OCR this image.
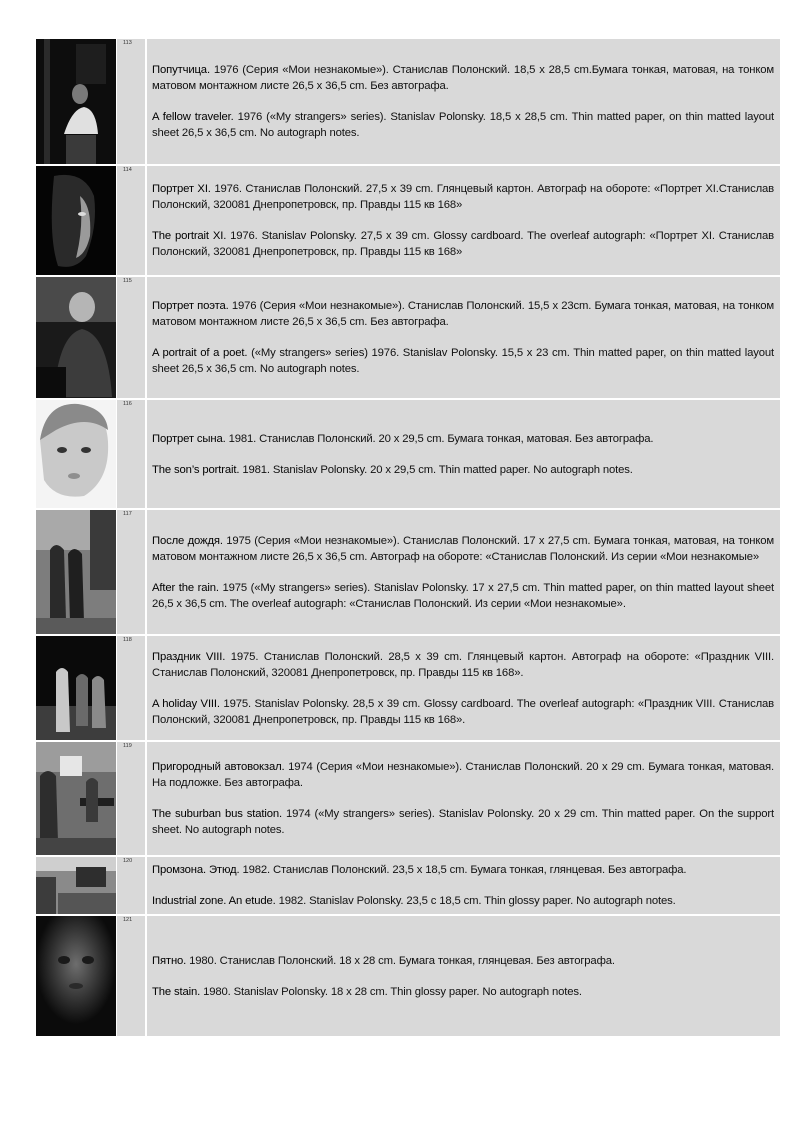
113

Попутчица. 1976 (Серия «Мои незнакомые»). Станислав Полонский. 18,5 х 28,5 cm.Бумага тонкая, матовая, на тонком матовом монтажном листе 26,5 х 36,5 cm. Без автографа.

A fellow traveler. 1976 («My strangers» series). Stanislav Polonsky. 18,5 x 28,5 cm. Thin matted paper, on thin matted layout sheet 26,5 x 36,5 cm. No autograph notes.

114

Портрет XI. 1976. Станислав Полонский. 27,5 х 39 cm. Глянцевый картон. Автограф на обороте: «Портрет XI.Станислав Полонский, 320081 Днепропетровск, пр. Правды 115 кв 168»

The portrait XI. 1976. Stanislav Polonsky. 27,5 x 39 cm. Glossy cardboard. The overleaf autograph: «Портрет XI. Станислав Полонский, 320081 Днепропетровск, пр. Правды 115 кв 168»

115

Портрет поэта. 1976 (Серия «Мои незнакомые»). Станислав Полонский. 15,5 х 23cm. Бумага тонкая, матовая, на тонком матовом монтажном листе 26,5 х 36,5 cm. Без автографа.

A portrait of a poet. («My strangers» series) 1976. Stanislav Polonsky. 15,5 x 23 cm. Thin matted paper, on thin matted layout sheet 26,5 x 36,5 cm. No autograph notes.

116

Портрет сына. 1981. Станислав Полонский. 20 х 29,5 cm. Бумага тонкая, матовая. Без автографа.

The son’s portrait. 1981. Stanislav Polonsky. 20 x 29,5 cm. Thin matted paper. No autograph notes.

117

После дождя. 1975 (Серия «Мои незнакомые»). Станислав Полонский. 17 х 27,5 cm. Бумага тонкая, матовая, на тонком матовом монтажном листе 26,5 х 36,5 cm. Автограф на обороте: «Станислав Полонский. Из серии «Мои незнакомые»

After the rain. 1975 («My strangers» series). Stanislav Polonsky. 17 x 27,5 cm. Thin matted paper, on thin matted layout sheet 26,5 x 36,5 cm. The overleaf autograph: «Станислав Полонский. Из серии «Мои незнакомые».

118

Праздник VIII. 1975. Станислав Полонский. 28,5 х 39 cm. Глянцевый картон. Автограф на обороте: «Праздник VIII. Станислав Полонский, 320081 Днепропетровск, пр. Правды 115 кв 168».

A holiday VIII. 1975. Stanislav Polonsky. 28,5 x 39 cm. Glossy cardboard. The overleaf autograph: «Праздник VIII. Станислав Полонский, 320081 Днепропетровск, пр. Правды 115 кв 168».

119

Пригородный автовокзал. 1974 (Серия «Мои незнакомые»). Станислав Полонский. 20 х 29 cm. Бумага тонкая, матовая. На подложке. Без автографа.

The suburban bus station. 1974 («My strangers» series). Stanislav Polonsky. 20 x 29 cm. Thin matted paper. On the support sheet. No autograph notes.

120

Промзона. Этюд. 1982. Станислав Полонский. 23,5 х 18,5 cm. Бумага тонкая, глянцевая. Без автографа.

Industrial zone. An etude. 1982. Stanislav Polonsky. 23,5 c 18,5 cm. Thin glossy paper. No autograph notes.

121

Пятно. 1980. Станислав Полонский. 18 х 28 cm. Бумага тонкая, глянцевая. Без автографа.

The stain. 1980. Stanislav Polonsky. 18 x 28 cm. Thin glossy paper. No autograph notes.
